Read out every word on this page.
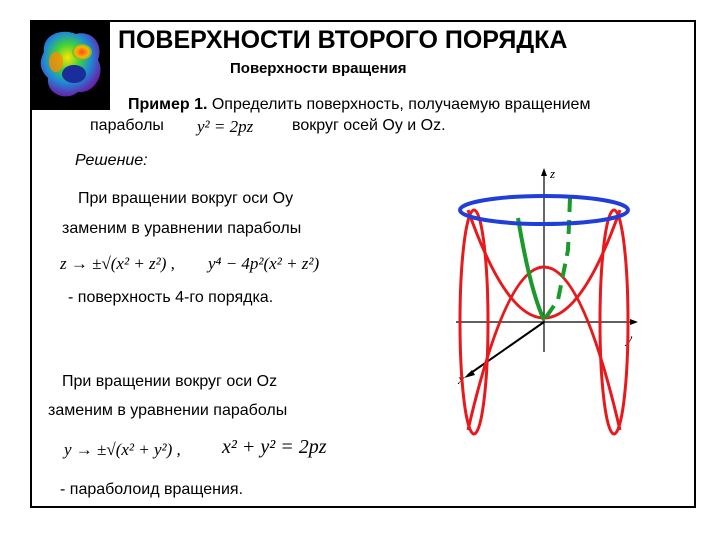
ПОВЕРХНОСТИ ВТОРОГО ПОРЯДКА
Поверхности вращения
Пример 1. Определить поверхность, получаемую вращением
параболы y² = 2pz вокруг осей Oy и Oz.
Решение:
При вращении вокруг оси Oy
заменим в уравнении параболы
z → ±√(x² + z²) , y⁴ − 4p²(x² + z²)
- поверхность 4-го порядка.
При вращении вокруг оси Oz
заменим в уравнении параболы
y → ±√(x² + y²) , x² + y² = 2pz
- параболоид вращения.
z
y
x
